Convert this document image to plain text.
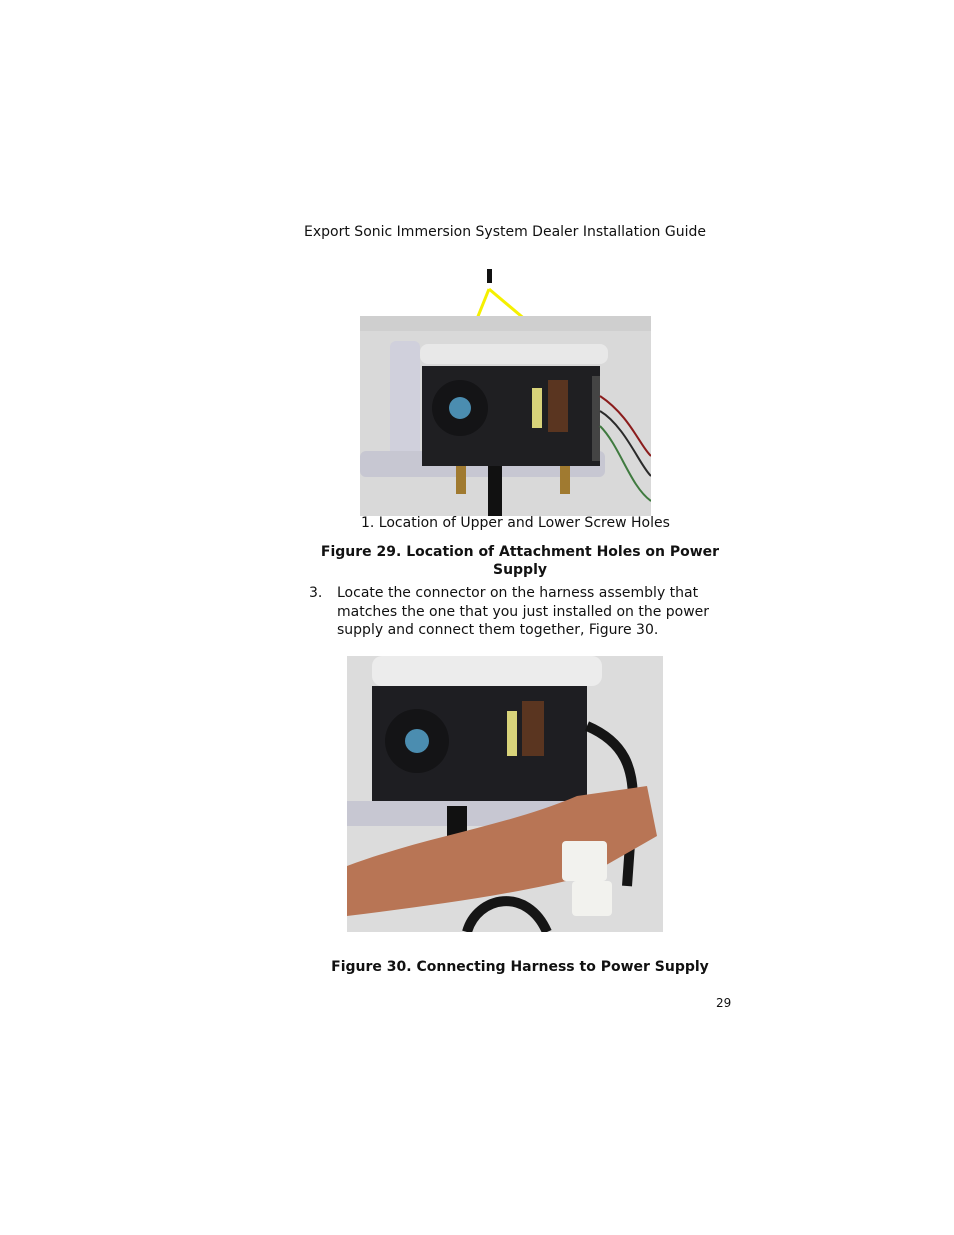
Export Sonic Immersion System Dealer Installation Guide
1. Location of Upper and Lower Screw Holes
Figure 29. Location of Attachment Holes on Power Supply
3. Locate the connector on the harness assembly that matches the one that you just installed on the power supply and connect them together, Figure 30.
Figure 30. Connecting Harness to Power Supply
29
